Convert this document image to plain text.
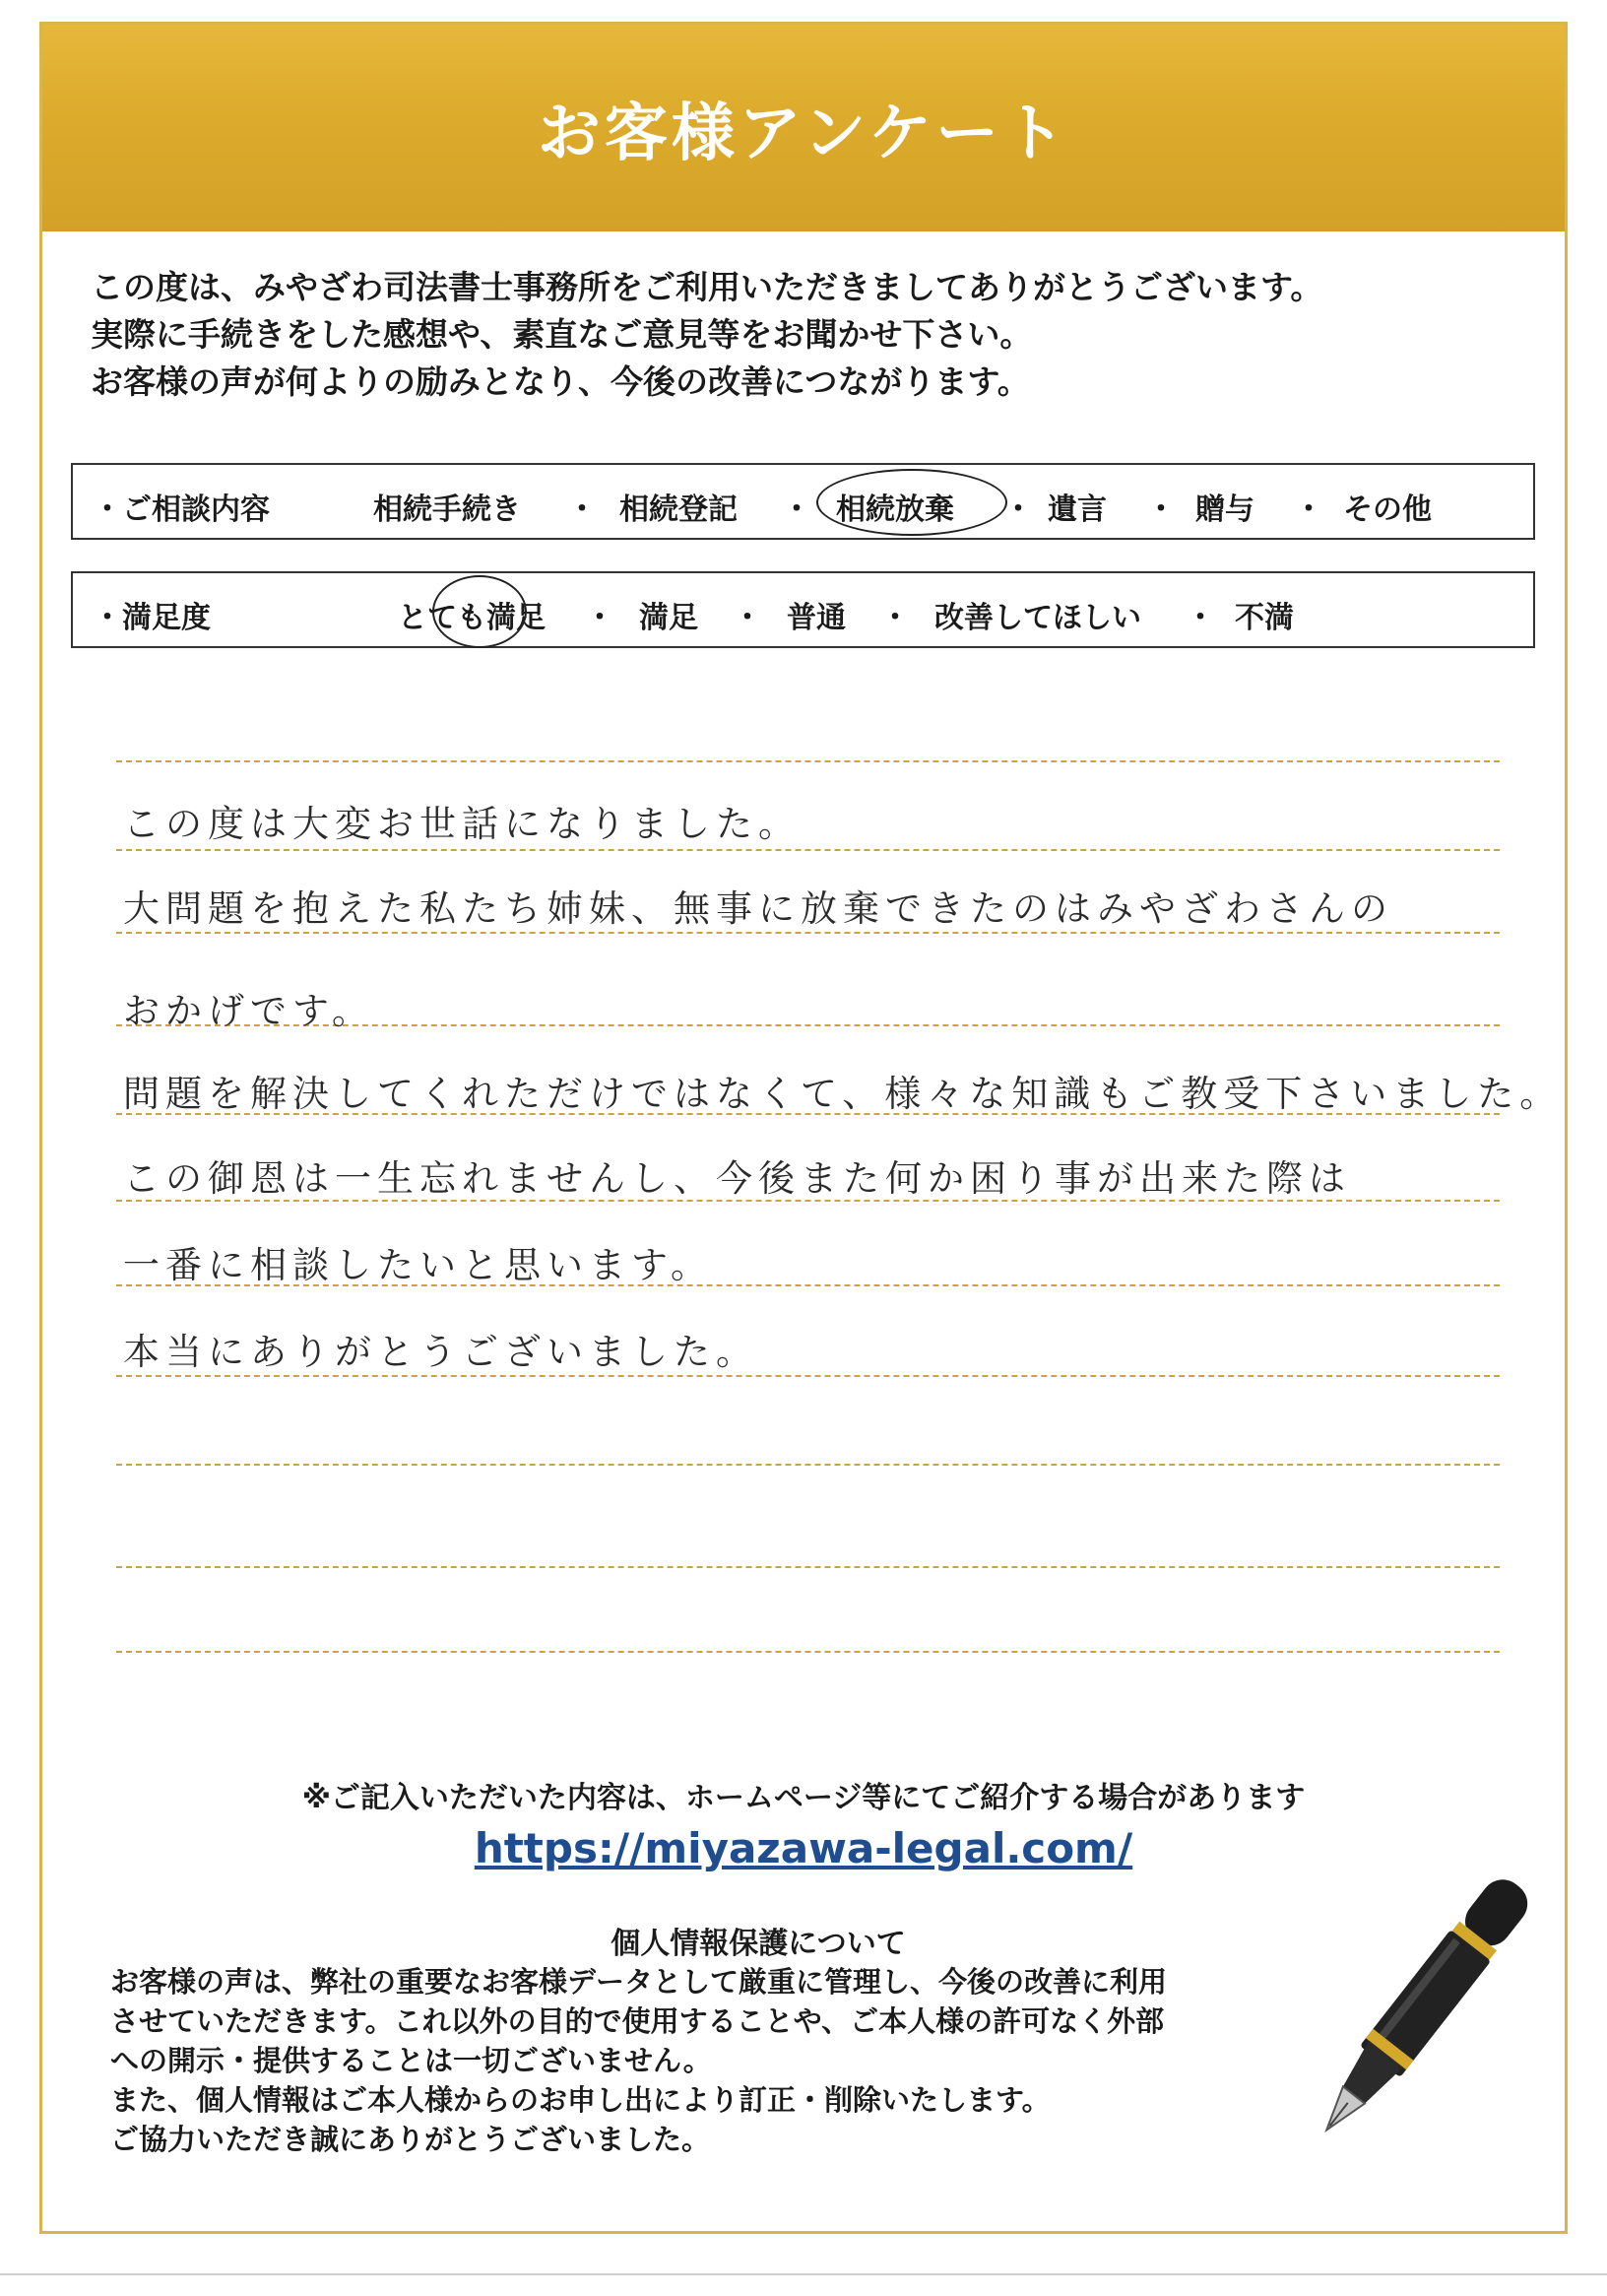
お客様アンケート
この度は、みやざわ司法書士事務所をご利用いただきましてありがとうございます。
実際に手続きをした感想や、素直なご意見等をお聞かせ下さい。
お客様の声が何よりの励みとなり、今後の改善につながります。
・ご相談内容	相続手続き ・ 相続登記 ・ 相続放棄 ・ 遺言 ・ 贈与 ・ その他
・満足度	とても満足 ・ 満足 ・ 普通 ・ 改善してほしい ・ 不満
この度は大変お世話になりました。
大問題を抱えた私たち姉妹、無事に放棄できたのはみやざわさんの
おかげです。
問題を解決してくれただけではなくて、様々な知識もご教受下さいました。
この御恩は一生忘れませんし、今後また何か困り事が出来た際は
一番に相談したいと思います。
本当にありがとうございました。
※ご記入いただいた内容は、ホームページ等にてご紹介する場合があります
https://miyazawa-legal.com/
個人情報保護について
お客様の声は、弊社の重要なお客様データとして厳重に管理し、今後の改善に利用
させていただきます。これ以外の目的で使用することや、ご本人様の許可なく外部
への開示・提供することは一切ございません。
また、個人情報はご本人様からのお申し出により訂正・削除いたします。
ご協力いただき誠にありがとうございました。
